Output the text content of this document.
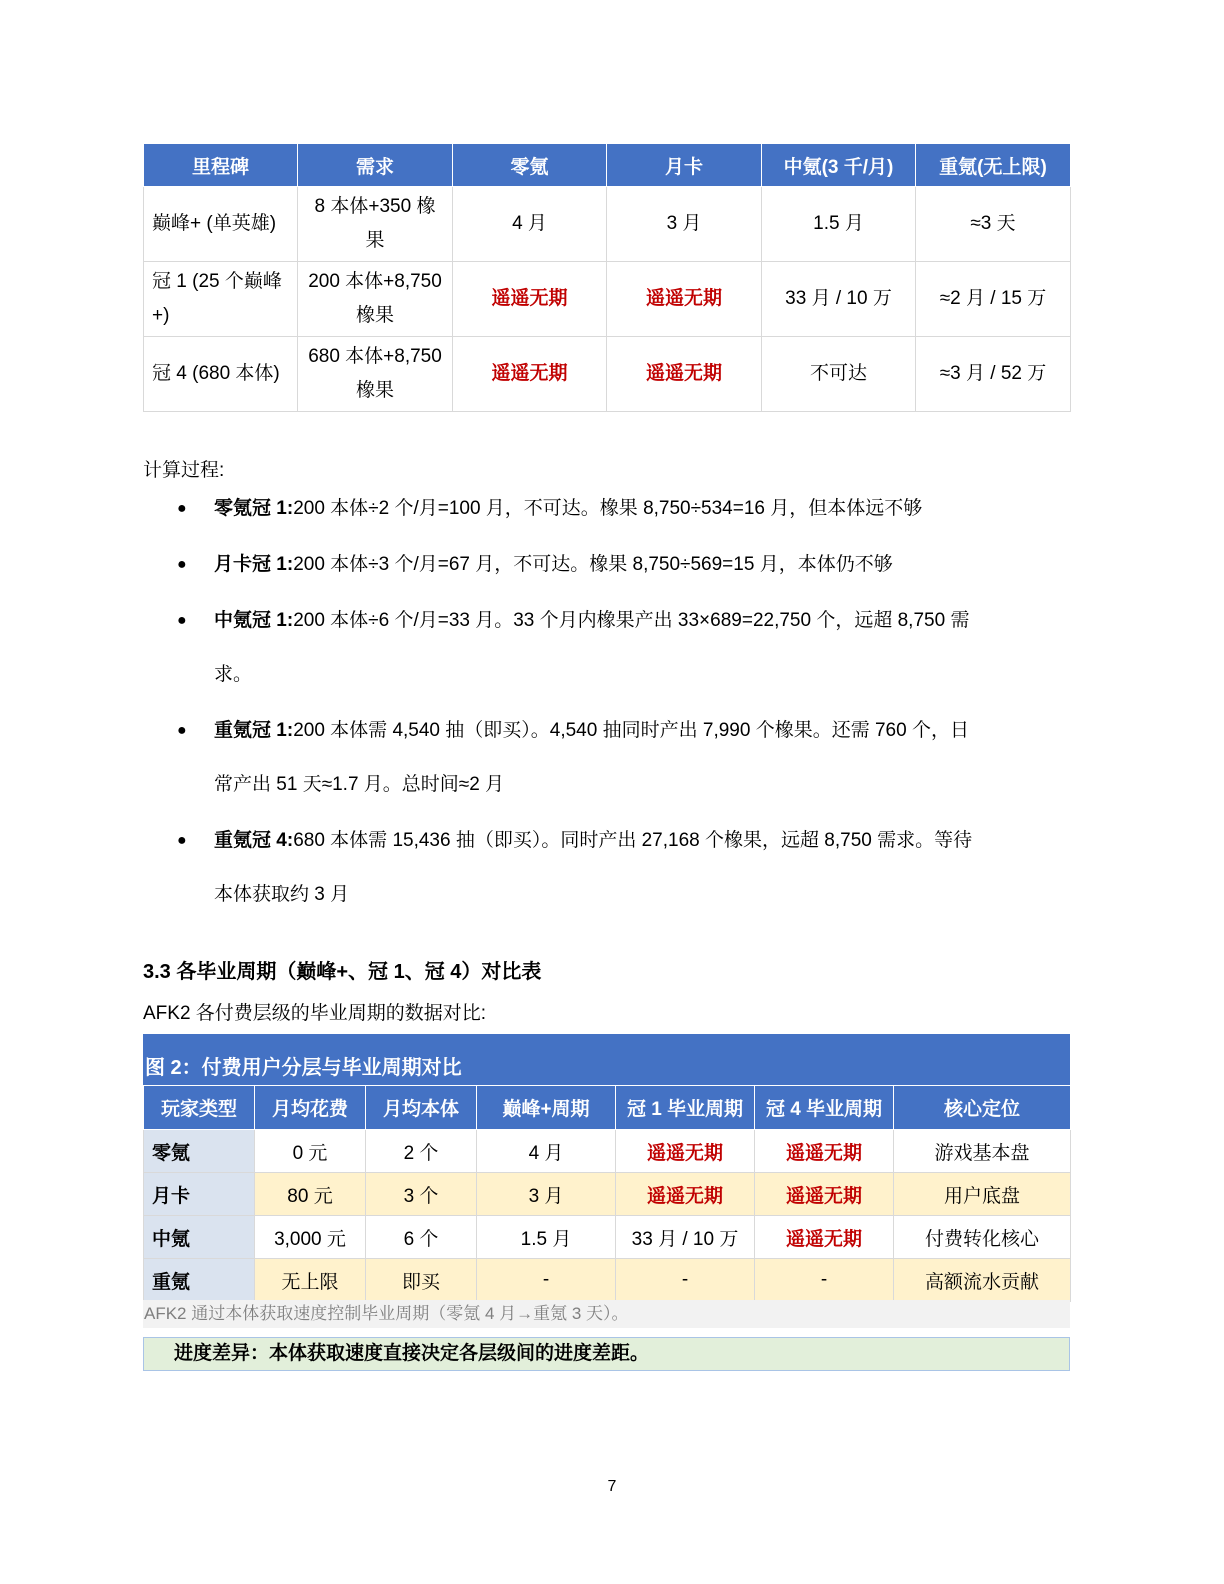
里程碑	需求	零氪	月卡	中氪(3 千/月)	重氪(无上限)
巅峰+ (单英雄)	8 本体+350 橡果	4 月	3 月	1.5 月	≈3 天
冠 1 (25 个巅峰+)	200 本体+8,750 橡果	遥遥无期	遥遥无期	33 月 / 10 万	≈2 月 / 15 万
冠 4 (680 本体)	680 本体+8,750 橡果	遥遥无期	遥遥无期	不可达	≈3 月 / 52 万
计算过程:
● 零氪冠 1:200 本体÷2 个/月=100 月，不可达。橡果 8,750÷534=16 月，但本体远不够
● 月卡冠 1:200 本体÷3 个/月=67 月，不可达。橡果 8,750÷569=15 月，本体仍不够
● 中氪冠 1:200 本体÷6 个/月=33 月。33 个月内橡果产出 33×689=22,750 个，远超 8,750 需
求。
● 重氪冠 1:200 本体需 4,540 抽（即买）。4,540 抽同时产出 7,990 个橡果。还需 760 个，日
常产出 51 天≈1.7 月。总时间≈2 月
● 重氪冠 4:680 本体需 15,436 抽（即买）。同时产出 27,168 个橡果，远超 8,750 需求。等待
本体获取约 3 月
3.3 各毕业周期（巅峰+、冠 1、冠 4）对比表
AFK2 各付费层级的毕业周期的数据对比:
图 2：付费用户分层与毕业周期对比
玩家类型	月均花费	月均本体	巅峰+周期	冠 1 毕业周期	冠 4 毕业周期	核心定位
零氪	0 元	2 个	4 月	遥遥无期	遥遥无期	游戏基本盘
月卡	80 元	3 个	3 月	遥遥无期	遥遥无期	用户底盘
中氪	3,000 元	6 个	1.5 月	33 月 / 10 万	遥遥无期	付费转化核心
重氪	无上限	即买	-	-	-	高额流水贡献
AFK2 通过本体获取速度控制毕业周期（零氪 4 月→重氪 3 天）。
进度差异：本体获取速度直接决定各层级间的进度差距。
7
